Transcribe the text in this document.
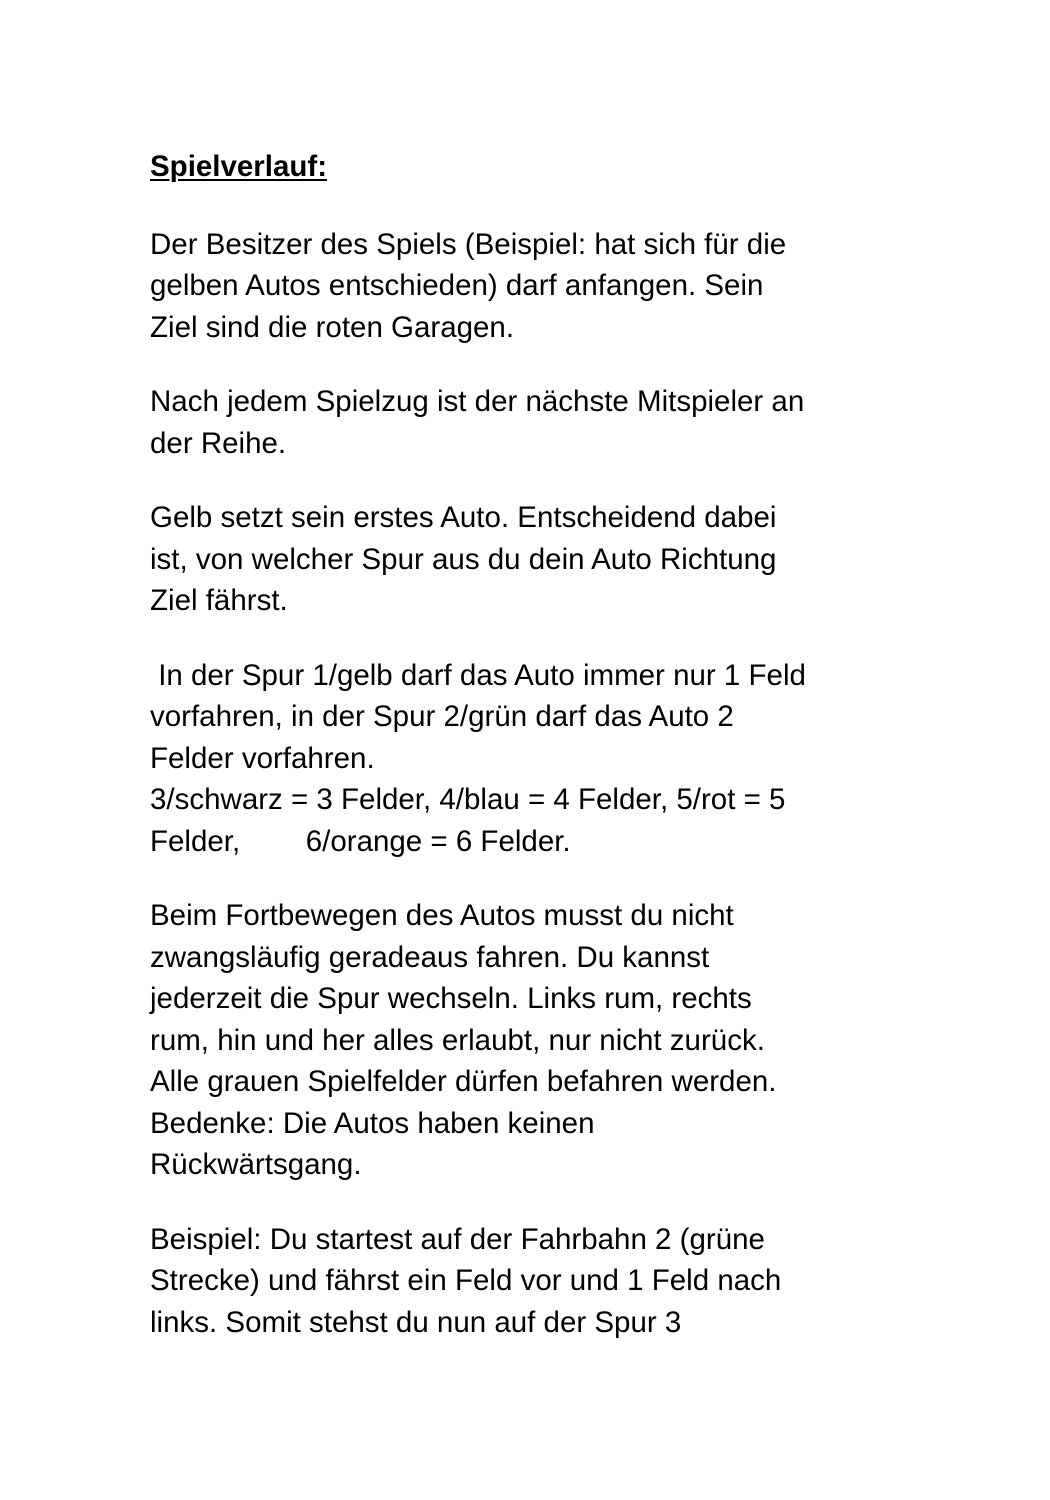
Spielverlauf:
Der Besitzer des Spiels (Beispiel: hat sich für die
gelben Autos entschieden) darf anfangen. Sein
Ziel sind die roten Garagen.
Nach jedem Spielzug ist der nächste Mitspieler an
der Reihe.
Gelb setzt sein erstes Auto. Entscheidend dabei
ist, von welcher Spur aus du dein Auto Richtung
Ziel fährst.
In der Spur 1/gelb darf das Auto immer nur 1 Feld
vorfahren, in der Spur 2/grün darf das Auto 2
Felder vorfahren.
3/schwarz = 3 Felder, 4/blau = 4 Felder, 5/rot = 5
Felder,        6/orange = 6 Felder.
Beim Fortbewegen des Autos musst du nicht
zwangsläufig geradeaus fahren. Du kannst
jederzeit die Spur wechseln. Links rum, rechts
rum, hin und her alles erlaubt, nur nicht zurück.
Alle grauen Spielfelder dürfen befahren werden.
Bedenke: Die Autos haben keinen
Rückwärtsgang.
Beispiel: Du startest auf der Fahrbahn 2 (grüne
Strecke) und fährst ein Feld vor und 1 Feld nach
links. Somit stehst du nun auf der Spur 3
